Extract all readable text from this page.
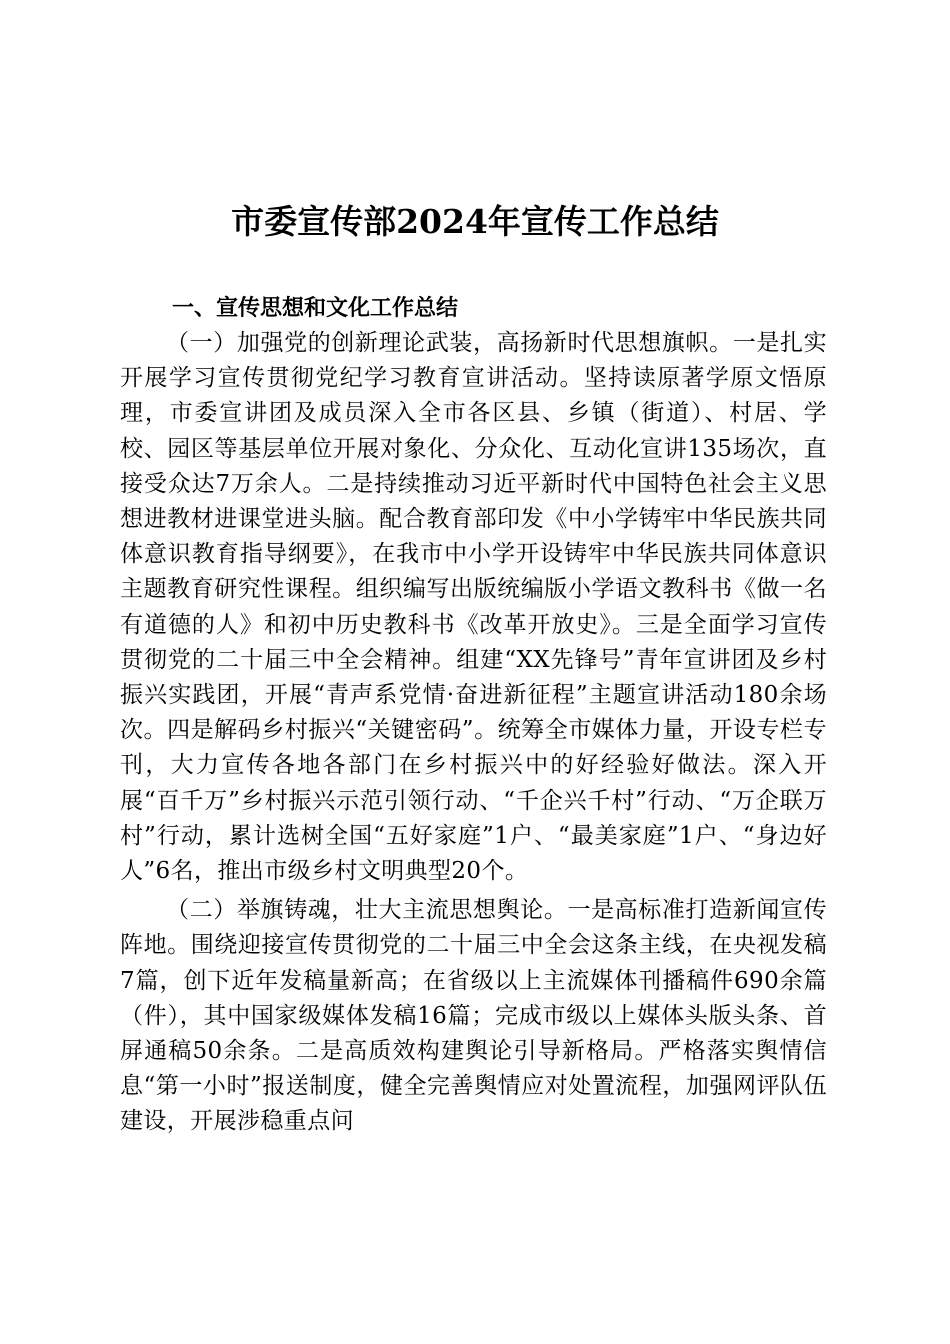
市委宣传部2024年宣传工作总结

一、宣传思想和文化工作总结

（一）加强党的创新理论武装，高扬新时代思想旗帜。一是扎实开展学习宣传贯彻党纪学习教育宣讲活动。坚持读原著学原文悟原理，市委宣讲团及成员深入全市各区县、乡镇（街道）、村居、学校、园区等基层单位开展对象化、分众化、互动化宣讲135场次，直接受众达7万余人。二是持续推动习近平新时代中国特色社会主义思想进教材进课堂进头脑。配合教育部印发《中小学铸牢中华民族共同体意识教育指导纲要》，在我市中小学开设铸牢中华民族共同体意识主题教育研究性课程。组织编写出版统编版小学语文教科书《做一名有道德的人》和初中历史教科书《改革开放史》。三是全面学习宣传贯彻党的二十届三中全会精神。组建“XX先锋号”青年宣讲团及乡村振兴实践团，开展“青声系党情·奋进新征程”主题宣讲活动180余场次。四是解码乡村振兴“关键密码”。统筹全市媒体力量，开设专栏专刊，大力宣传各地各部门在乡村振兴中的好经验好做法。深入开展“百千万”乡村振兴示范引领行动、“千企兴千村”行动、“万企联万村”行动，累计选树全国“五好家庭”1户、“最美家庭”1户、“身边好人”6名，推出市级乡村文明典型20个。

（二）举旗铸魂，壮大主流思想舆论。一是高标准打造新闻宣传阵地。围绕迎接宣传贯彻党的二十届三中全会这条主线，在央视发稿7篇，创下近年发稿量新高；在省级以上主流媒体刊播稿件690余篇（件），其中国家级媒体发稿16篇；完成市级以上媒体头版头条、首屏通稿50余条。二是高质效构建舆论引导新格局。严格落实舆情信息“第一小时”报送制度，健全完善舆情应对处置流程，加强网评队伍建设，开展涉稳重点问
